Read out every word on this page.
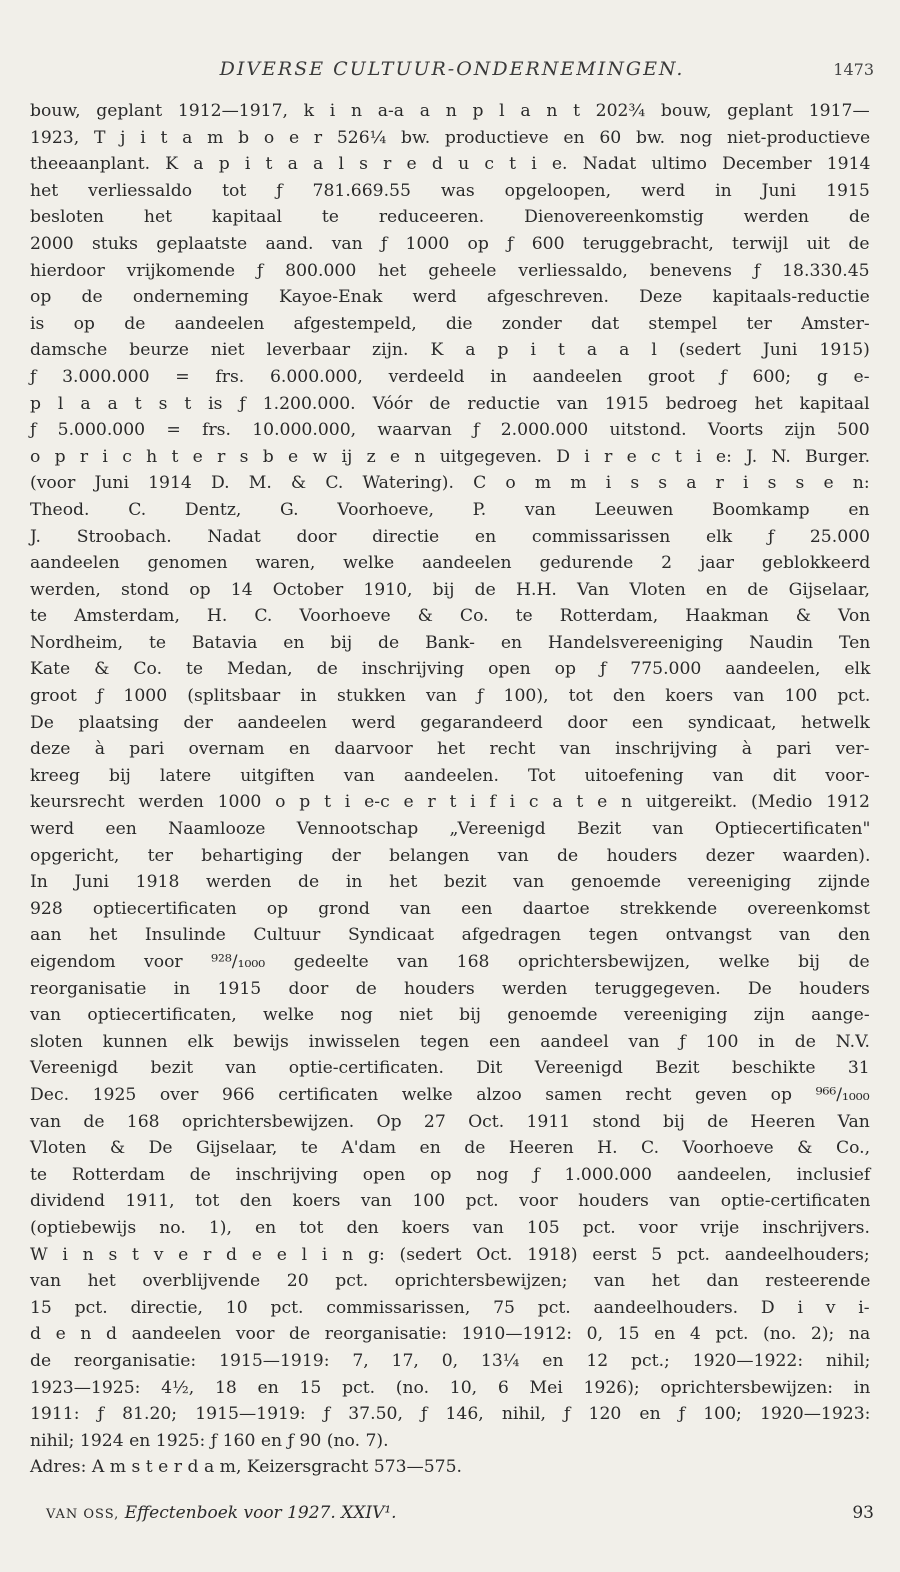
DIVERSE CULTUUR-ONDERNEMINGEN.	1473
bouw, geplant 1912—1917, k i n a-a a n p l a n t 202¾ bouw, geplant 1917—
1923, T j i t a m b o e r 526¼ bw. productieve en 60 bw. nog niet-productieve
theeaanplant. K a p i t a a l s r e d u c t i e. Nadat ultimo December 1914
het verliessaldo tot ƒ 781.669.55 was opgeloopen, werd in Juni 1915
besloten het kapitaal te reduceeren. Dienovereenkomstig werden de
2000 stuks geplaatste aand. van ƒ 1000 op ƒ 600 teruggebracht, terwijl uit de
hierdoor vrijkomende ƒ 800.000 het geheele verliessaldo, benevens ƒ 18.330.45
op de onderneming Kayoe-Enak werd afgeschreven. Deze kapitaals-reductie
is op de aandeelen afgestempeld, die zonder dat stempel ter Amster-
damsche beurze niet leverbaar zijn. K a p i t a a l (sedert Juni 1915)
ƒ 3.000.000 = frs. 6.000.000, verdeeld in aandeelen groot ƒ 600; g e-
p l a a t s t is ƒ 1.200.000. Vóór de reductie van 1915 bedroeg het kapitaal
ƒ 5.000.000 = frs. 10.000.000, waarvan ƒ 2.000.000 uitstond. Voorts zijn 500
o p r i c h t e r s b e w ij z e n uitgegeven. D i r e c t i e: J. N. Burger.
(voor Juni 1914 D. M. & C. Watering). C o m m i s s a r i s s e n:
Theod. C. Dentz, G. Voorhoeve, P. van Leeuwen Boomkamp en
J. Stroobach. Nadat door directie en commissarissen elk ƒ 25.000
aandeelen genomen waren, welke aandeelen gedurende 2 jaar geblokkeerd
werden, stond op 14 October 1910, bij de H.H. Van Vloten en de Gijselaar,
te Amsterdam, H. C. Voorhoeve & Co. te Rotterdam, Haakman & Von
Nordheim, te Batavia en bij de Bank- en Handelsvereeniging Naudin Ten
Kate & Co. te Medan, de inschrijving open op ƒ 775.000 aandeelen, elk
groot ƒ 1000 (splitsbaar in stukken van ƒ 100), tot den koers van 100 pct.
De plaatsing der aandeelen werd gegarandeerd door een syndicaat, hetwelk
deze à pari overnam en daarvoor het recht van inschrijving à pari ver-
kreeg bij latere uitgiften van aandeelen. Tot uitoefening van dit voor-
keursrecht werden 1000 o p t i e-c e r t i f i c a t e n uitgereikt. (Medio 1912
werd een Naamlooze Vennootschap „Vereenigd Bezit van Optiecertificaten"
opgericht, ter behartiging der belangen van de houders dezer waarden).
In Juni 1918 werden de in het bezit van genoemde vereeniging zijnde
928 optiecertificaten op grond van een daartoe strekkende overeenkomst
aan het Insulinde Cultuur Syndicaat afgedragen tegen ontvangst van den
eigendom voor ⁹²⁸/₁₀₀₀ gedeelte van 168 oprichtersbewijzen, welke bij de
reorganisatie in 1915 door de houders werden teruggegeven. De houders
van optiecertificaten, welke nog niet bij genoemde vereeniging zijn aange-
sloten kunnen elk bewijs inwisselen tegen een aandeel van ƒ 100 in de N.V.
Vereenigd bezit van optie-certificaten. Dit Vereenigd Bezit beschikte 31
Dec. 1925 over 966 certificaten welke alzoo samen recht geven op ⁹⁶⁶/₁₀₀₀
van de 168 oprichtersbewijzen. Op 27 Oct. 1911 stond bij de Heeren Van
Vloten & De Gijselaar, te A'dam en de Heeren H. C. Voorhoeve & Co.,
te Rotterdam de inschrijving open op nog ƒ 1.000.000 aandeelen, inclusief
dividend 1911, tot den koers van 100 pct. voor houders van optie-certificaten
(optiebewijs no. 1), en tot den koers van 105 pct. voor vrije inschrijvers.
W i n s t v e r d e e l i n g: (sedert Oct. 1918) eerst 5 pct. aandeelhouders;
van het overblijvende 20 pct. oprichtersbewijzen; van het dan resteerende
15 pct. directie, 10 pct. commissarissen, 75 pct. aandeelhouders. D i v i-
d e n d aandeelen voor de reorganisatie: 1910—1912: 0, 15 en 4 pct. (no. 2); na
de reorganisatie: 1915—1919: 7, 17, 0, 13¼ en 12 pct.; 1920—1922: nihil;
1923—1925: 4½, 18 en 15 pct. (no. 10, 6 Mei 1926); oprichtersbewijzen: in
1911: ƒ 81.20; 1915—1919: ƒ 37.50, ƒ 146, nihil, ƒ 120 en ƒ 100; 1920—1923:
nihil; 1924 en 1925: ƒ 160 en ƒ 90 (no. 7).
Adres: A m s t e r d a m, Keizersgracht 573—575.
VAN OSS, Effectenboek voor 1927. XXIV¹.	93
